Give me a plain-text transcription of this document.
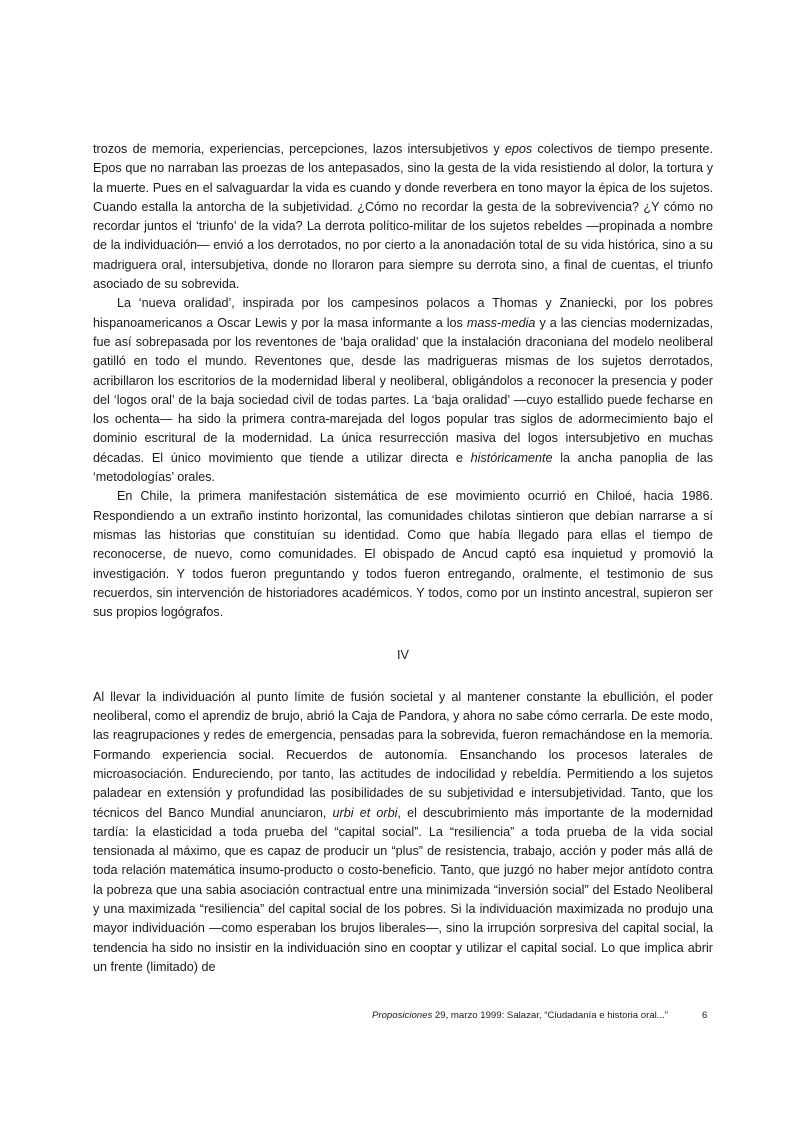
trozos de memoria, experiencias, percepciones, lazos intersubjetivos y epos colectivos de tiempo presente. Epos que no narraban las proezas de los antepasados, sino la gesta de la vida resistiendo al dolor, la tortura y la muerte. Pues en el salvaguardar la vida es cuando y donde reverbera en tono mayor la épica de los sujetos. Cuando estalla la antorcha de la subjetividad. ¿Cómo no recordar la gesta de la sobrevivencia? ¿Y cómo no recordar juntos el ‘triunfo’ de la vida? La derrota político-militar de los sujetos rebeldes —propinada a nombre de la individuación— envió a los derrotados, no por cierto a la anonadación total de su vida histórica, sino a su madriguera oral, intersubjetiva, donde no lloraron para siempre su derrota sino, a final de cuentas, el triunfo asociado de su sobrevida.

La ‘nueva oralidad’, inspirada por los campesinos polacos a Thomas y Znaniecki, por los pobres hispanoamericanos a Oscar Lewis y por la masa informante a los mass-media y a las ciencias modernizadas, fue así sobrepasada por los reventones de ‘baja oralidad’ que la instalación draconiana del modelo neoliberal gatilló en todo el mundo. Reventones que, desde las madrigueras mismas de los sujetos derrotados, acribillaron los escritorios de la modernidad liberal y neoliberal, obligándolos a reconocer la presencia y poder del ‘logos oral’ de la baja sociedad civil de todas partes. La ‘baja oralidad’ —cuyo estallido puede fecharse en los ochenta— ha sido la primera contra-marejada del logos popular tras siglos de adormecimiento bajo el dominio escritural de la modernidad. La única resurrección masiva del logos intersubjetivo en muchas décadas. El único movimiento que tiende a utilizar directa e históricamente la ancha panoplia de las ‘metodologías’ orales.

En Chile, la primera manifestación sistemática de ese movimiento ocurrió en Chiloé, hacia 1986. Respondiendo a un extraño instinto horizontal, las comunidades chilotas sintieron que debían narrarse a sí mismas las historias que constituían su identidad. Como que había llegado para ellas el tiempo de reconocerse, de nuevo, como comunidades. El obispado de Ancud captó esa inquietud y promovió la investigación. Y todos fueron preguntando y todos fueron entregando, oralmente, el testimonio de sus recuerdos, sin intervención de historiadores académicos. Y todos, como por un instinto ancestral, supieron ser sus propios logógrafos.

IV

Al llevar la individuación al punto límite de fusión societal y al mantener constante la ebullición, el poder neoliberal, como el aprendiz de brujo, abrió la Caja de Pandora, y ahora no sabe cómo cerrarla. De este modo, las reagrupaciones y redes de emergencia, pensadas para la sobrevida, fueron remachándose en la memoria. Formando experiencia social. Recuerdos de autonomía. Ensanchando los procesos laterales de microasociación. Endureciendo, por tanto, las actitudes de indocilidad y rebeldía. Permitiendo a los sujetos paladear en extensión y profundidad las posibilidades de su subjetividad e intersubjetividad. Tanto, que los técnicos del Banco Mundial anunciaron, urbi et orbi, el descubrimiento más importante de la modernidad tardía: la elasticidad a toda prueba del “capital social”. La “resiliencia” a toda prueba de la vida social tensionada al máximo, que es capaz de producir un “plus” de resistencia, trabajo, acción y poder más allá de toda relación matemática insumo-producto o costo-beneficio. Tanto, que juzgó no haber mejor antídoto contra la pobreza que una sabia asociación contractual entre una minimizada “inversión social” del Estado Neoliberal y una maximizada “resiliencia” del capital social de los pobres. Si la individuación maximizada no produjo una mayor individuación —como esperaban los brujos liberales—, sino la irrupción sorpresiva del capital social, la tendencia ha sido no insistir en la individuación sino en cooptar y utilizar el capital social. Lo que implica abrir un frente (limitado) de

Proposiciones 29, marzo 1999: Salazar, “Ciudadanía e historia oral...”	6
